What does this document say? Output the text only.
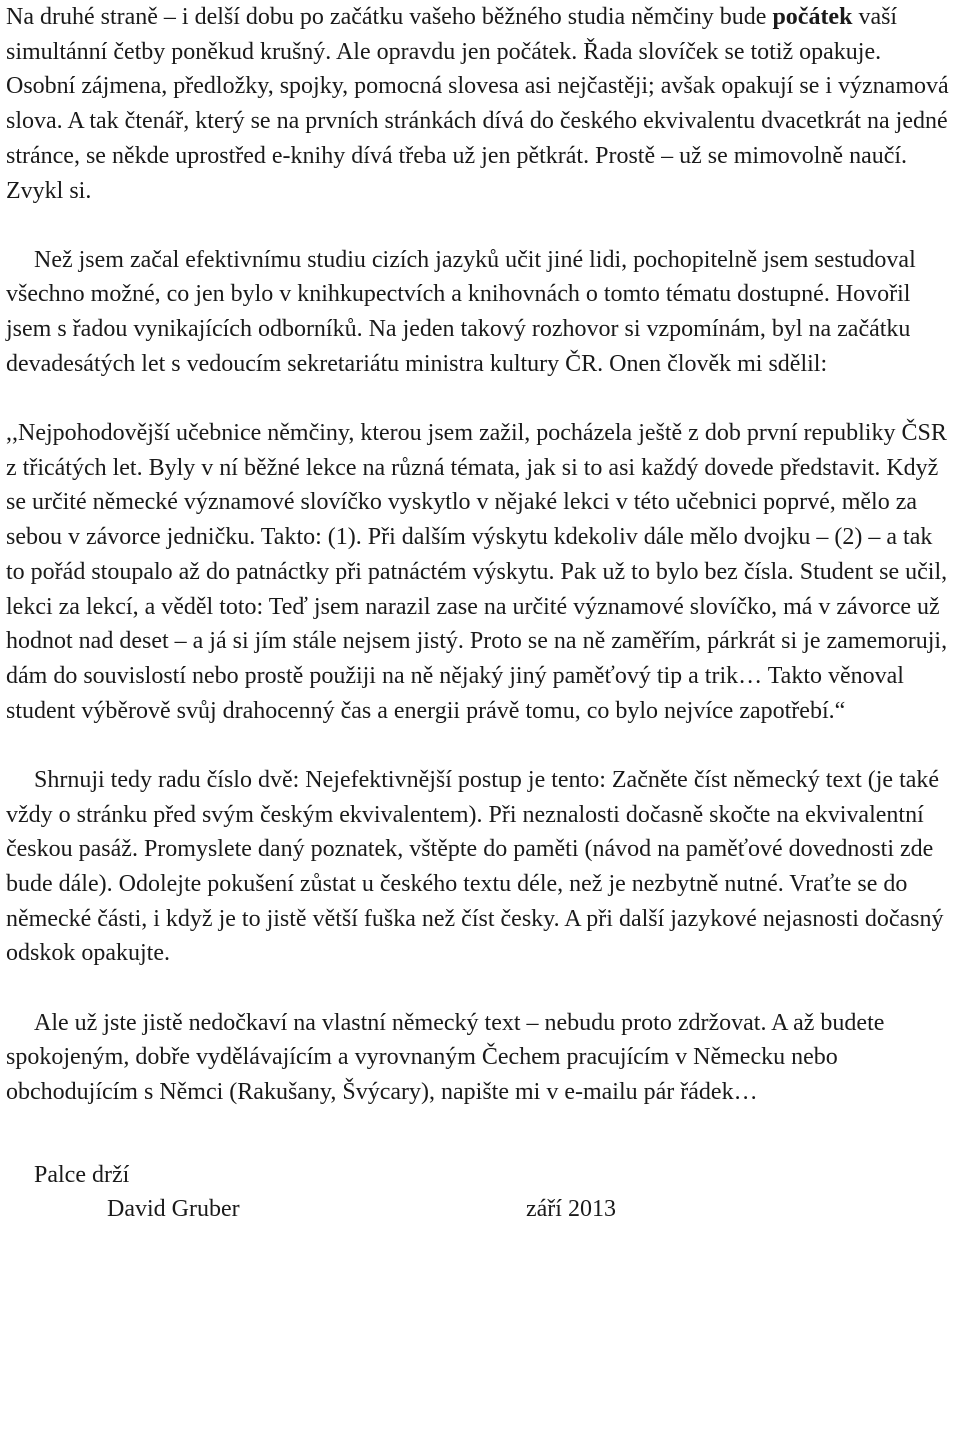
Na druhé straně – i delší dobu po začátku vašeho běžného studia němčiny bude počátek vaší simultánní četby poněkud krušný. Ale opravdu jen počátek. Řada slovíček se totiž opakuje. Osobní zájmena, předložky, spojky, pomocná slovesa asi nejčastěji; avšak opakují se i významová slova. A tak čtenář, který se na prvních stránkách dívá do českého ekvivalentu dvacetkrát na jedné stránce, se někde uprostřed e-knihy dívá třeba už jen pětkrát. Prostě – už se mimovolně naučí. Zvykl si.

Než jsem začal efektivnímu studiu cizích jazyků učit jiné lidi, pochopitelně jsem sestudoval všechno možné, co jen bylo v knihkupectvích a knihovnách o tomto tématu dostupné. Hovořil jsem s řadou vynikajících odborníků. Na jeden takový rozhovor si vzpomínám, byl na začátku devadesátých let s vedoucím sekretariátu ministra kultury ČR. Onen člověk mi sdělil:

,,Nejpohodovější učebnice němčiny, kterou jsem zažil, pocházela ještě z dob první republiky ČSR z třicátých let. Byly v ní běžné lekce na různá témata, jak si to asi každý dovede představit. Když se určité německé významové slovíčko vyskytlo v nějaké lekci v této učebnici poprvé, mělo za sebou v závorce jedničku. Takto: (1). Při dalším výskytu kdekoliv dále mělo dvojku – (2) – a tak to pořád stoupalo až do patnáctky při patnáctém výskytu. Pak už to bylo bez čísla. Student se učil, lekci za lekcí, a věděl toto: Teď jsem narazil zase na určité významové slovíčko, má v závorce už hodnot nad deset – a já si jím stále nejsem jistý. Proto se na ně zaměřím, párkrát si je zamemoruji, dám do souvislostí nebo prostě použiji na ně nějaký jiný paměťový tip a trik… Takto věnoval student výběrově svůj drahocenný čas a energii právě tomu, co bylo nejvíce zapotřebí.“

Shrnuji tedy radu číslo dvě: Nejefektivnější postup je tento: Začněte číst německý text (je také vždy o stránku před svým českým ekvivalentem). Při neznalosti dočasně skočte na ekvivalentní českou pasáž. Promyslete daný poznatek, vštěpte do paměti (návod na paměťové dovednosti zde bude dále). Odolejte pokušení zůstat u českého textu déle, než je nezbytně nutné. Vraťte se do německé části, i když je to jistě větší fuška než číst česky. A při další jazykové nejasnosti dočasný odskok opakujte.

Ale už jste jistě nedočkaví na vlastní německý text – nebudu proto zdržovat. A až budete spokojeným, dobře vydělávajícím a vyrovnaným Čechem pracujícím v Německu nebo obchodujícím s Němci (Rakušany, Švýcary), napište mi v e-mailu pár řádek…

Palce drží

David Gruber	září 2013
